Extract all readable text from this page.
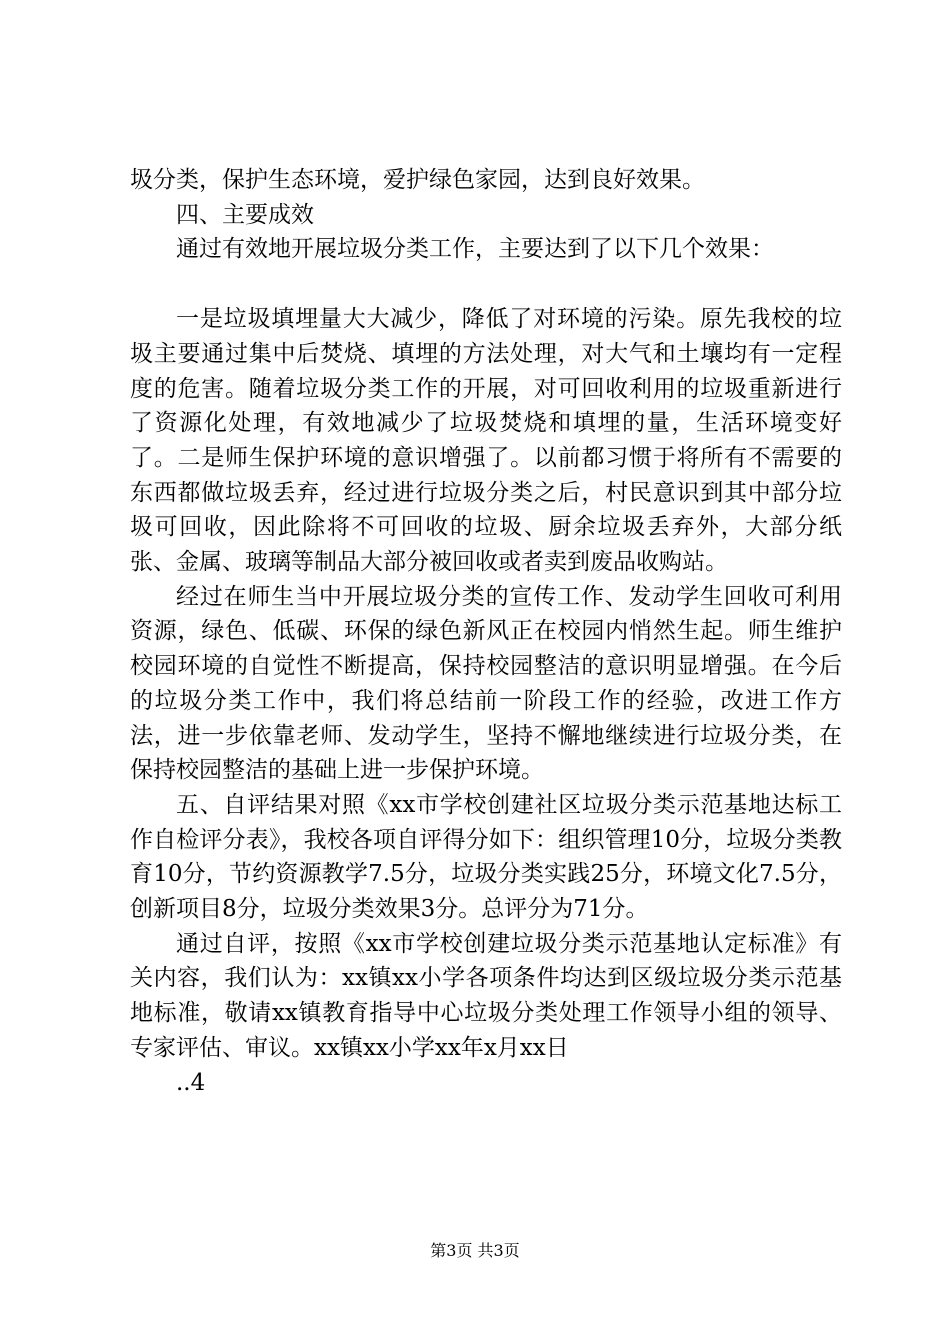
圾分类，保护生态环境，爱护绿色家园，达到良好效果。

四、主要成效

通过有效地开展垃圾分类工作，主要达到了以下几个效果：

一是垃圾填埋量大大减少，降低了对环境的污染。原先我校的垃圾主要通过集中后焚烧、填埋的方法处理，对大气和土壤均有一定程度的危害。随着垃圾分类工作的开展，对可回收利用的垃圾重新进行了资源化处理，有效地减少了垃圾焚烧和填埋的量，生活环境变好了。二是师生保护环境的意识增强了。以前都习惯于将所有不需要的东西都做垃圾丢弃，经过进行垃圾分类之后，村民意识到其中部分垃圾可回收，因此除将不可回收的垃圾、厨余垃圾丢弃外，大部分纸张、金属、玻璃等制品大部分被回收或者卖到废品收购站。

经过在师生当中开展垃圾分类的宣传工作、发动学生回收可利用资源，绿色、低碳、环保的绿色新风正在校园内悄然生起。师生维护校园环境的自觉性不断提高，保持校园整洁的意识明显增强。在今后的垃圾分类工作中，我们将总结前一阶段工作的经验，改进工作方法，进一步依靠老师、发动学生，坚持不懈地继续进行垃圾分类，在保持校园整洁的基础上进一步保护环境。

五、自评结果对照《xx市学校创建社区垃圾分类示范基地达标工作自检评分表》，我校各项自评得分如下：组织管理10分，垃圾分类教育10分，节约资源教学7.5分，垃圾分类实践25分，环境文化7.5分，创新项目8分，垃圾分类效果3分。总评分为71分。

通过自评，按照《xx市学校创建垃圾分类示范基地认定标准》有关内容，我们认为：xx镇xx小学各项条件均达到区级垃圾分类示范基地标准，敬请xx镇教育指导中心垃圾分类处理工作领导小组的领导、专家评估、审议。xx镇xx小学xx年x月xx日

..4

第3页 共3页
